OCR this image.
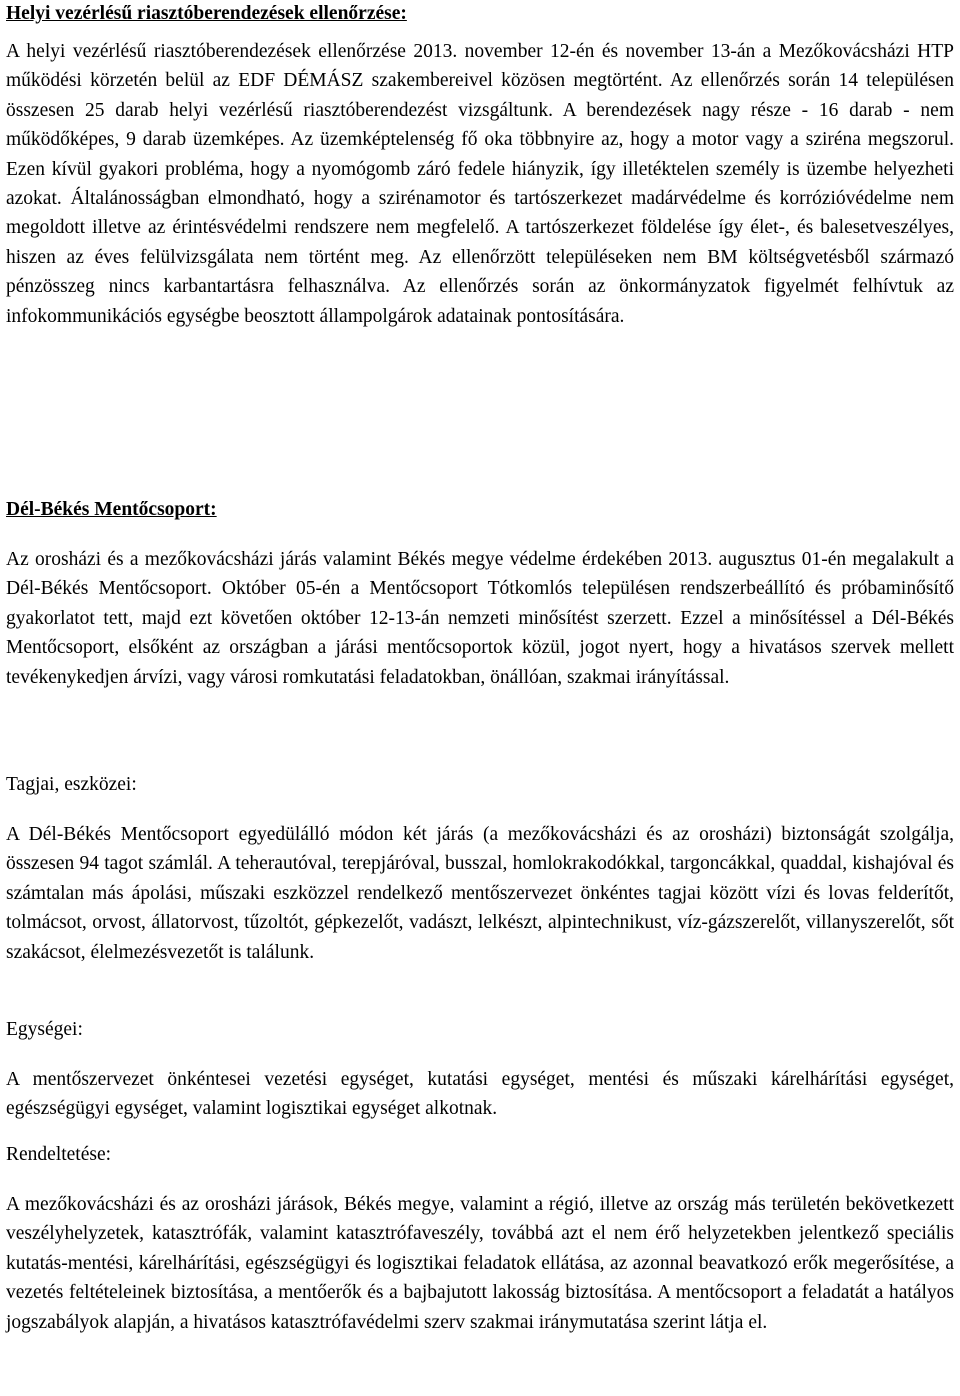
Helyi vezérlésű riasztóberendezések ellenőrzése:

A helyi vezérlésű riasztóberendezések ellenőrzése 2013. november 12-én és november 13-án a Mezőkovácsházi HTP működési körzetén belül az EDF DÉMÁSZ szakembereivel közösen megtörtént. Az ellenőrzés során 14 településen összesen 25 darab helyi vezérlésű riasztóberendezést vizsgáltunk. A berendezések nagy része - 16 darab - nem működőképes, 9 darab üzemképes. Az üzemképtelenség fő oka többnyire az, hogy a motor vagy a sziréna megszorul. Ezen kívül gyakori probléma, hogy a nyomógomb záró fedele hiányzik, így illetéktelen személy is üzembe helyezheti azokat. Általánosságban elmondható, hogy a szirénamotor és tartószerkezet madárvédelme és korrózióvédelme nem megoldott illetve az érintésvédelmi rendszere nem megfelelő. A tartószerkezet földelése így élet-, és balesetveszélyes, hiszen az éves felülvizsgálata nem történt meg. Az ellenőrzött településeken nem BM költségvetésből származó pénzösszeg nincs karbantartásra felhasználva. Az ellenőrzés során az önkormányzatok figyelmét felhívtuk az infokommunikációs egységbe beosztott állampolgárok adatainak pontosítására.

Dél-Békés Mentőcsoport:

Az orosházi és a mezőkovácsházi járás valamint Békés megye védelme érdekében 2013. augusztus 01-én megalakult a Dél-Békés Mentőcsoport. Október 05-én a Mentőcsoport Tótkomlós településen rendszerbeállító és próbaminősítő gyakorlatot tett, majd ezt követően október 12-13-án nemzeti minősítést szerzett. Ezzel a minősítéssel a Dél-Békés Mentőcsoport, elsőként az országban a járási mentőcsoportok közül, jogot nyert, hogy a hivatásos szervek mellett tevékenykedjen árvízi, vagy városi romkutatási feladatokban, önállóan, szakmai irányítással.

Tagjai, eszközei:

A Dél-Békés Mentőcsoport egyedülálló módon két járás (a mezőkovácsházi és az orosházi) biztonságát szolgálja, összesen 94 tagot számlál. A teherautóval, terepjáróval, busszal, homlokrakodókkal, targoncákkal, quaddal, kishajóval és számtalan más ápolási, műszaki eszközzel rendelkező mentőszervezet önkéntes tagjai között vízi és lovas felderítőt, tolmácsot, orvost, állatorvost, tűzoltót, gépkezelőt, vadászt, lelkészt, alpintechnikust, víz-gázszerelőt, villanyszerelőt, sőt szakácsot, élelmezésvezetőt is találunk.

Egységei:

A mentőszervezet önkéntesei vezetési egységet, kutatási egységet, mentési és műszaki kárelhárítási egységet, egészségügyi egységet, valamint logisztikai egységet alkotnak.

Rendeltetése:

A mezőkovácsházi és az orosházi járások, Békés megye, valamint a régió, illetve az ország más területén bekövetkezett veszélyhelyzetek, katasztrófák, valamint katasztrófaveszély, továbbá azt el nem érő helyzetekben jelentkező speciális kutatás-mentési, kárelhárítási, egészségügyi és logisztikai feladatok ellátása, az azonnal beavatkozó erők megerősítése, a vezetés feltételeinek biztosítása, a mentőerők és a bajbajutott lakosság biztosítása. A mentőcsoport a feladatát a hatályos jogszabályok alapján, a hivatásos katasztrófavédelmi szerv szakmai iránymutatása szerint látja el.
